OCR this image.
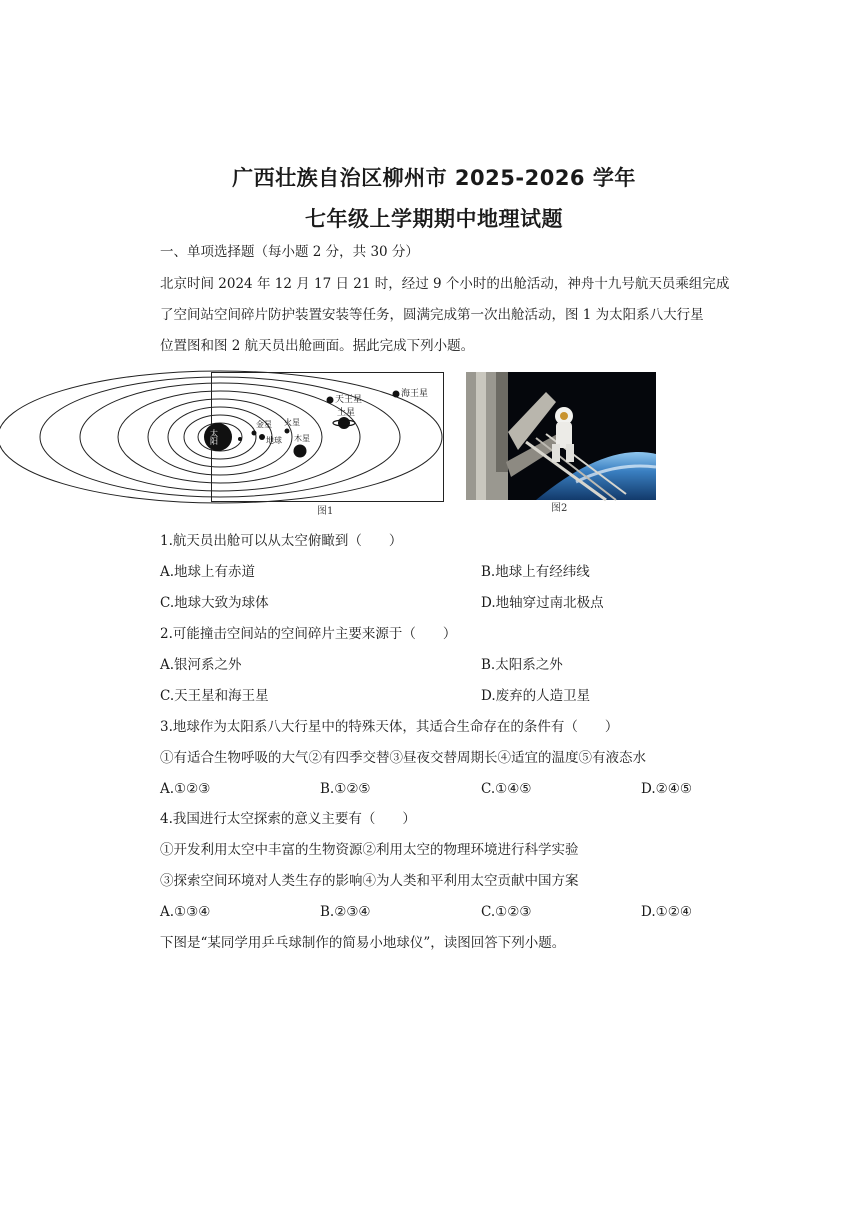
广西壮族自治区柳州市 2025-2026 学年
七年级上学期期中地理试题
一、单项选择题（每小题 2 分，共 30 分）
北京时间 2024 年 12 月 17 日 21 时，经过 9 个小时的出舱活动，神舟十九号航天员乘组完成
了空间站空间碎片防护装置安装等任务，圆满完成第一次出舱活动，图 1 为太阳系八大行星
位置图和图 2 航天员出舱画面。据此完成下列小题。
太阳
天王星
海王星
土星
火星
木星
金星
地球
图1	图2
1.航天员出舱可以从太空俯瞰到（　　）
A.地球上有赤道	B.地球上有经纬线
C.地球大致为球体	D.地轴穿过南北极点
2.可能撞击空间站的空间碎片主要来源于（　　）
A.银河系之外	B.太阳系之外
C.天王星和海王星	D.废弃的人造卫星
3.地球作为太阳系八大行星中的特殊天体，其适合生命存在的条件有（　　）
①有适合生物呼吸的大气②有四季交替③昼夜交替周期长④适宜的温度⑤有液态水
A.①②③	B.①②⑤	C.①④⑤	D.②④⑤
4.我国进行太空探索的意义主要有（　　）
①开发利用太空中丰富的生物资源②利用太空的物理环境进行科学实验
③探索空间环境对人类生存的影响④为人类和平利用太空贡献中国方案
A.①③④	B.②③④	C.①②③	D.①②④
下图是“某同学用乒乓球制作的简易小地球仪”，读图回答下列小题。
